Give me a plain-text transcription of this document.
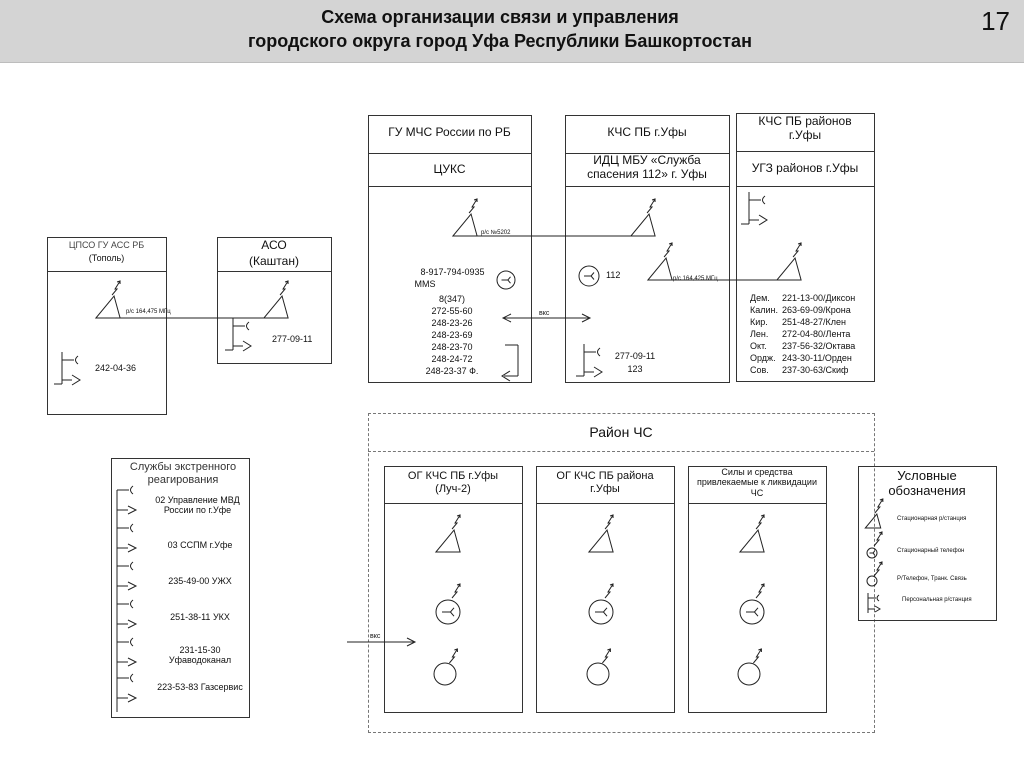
Схема организации связи и управления
городского округа город Уфа Республики Башкортостан
17
ЦПСО ГУ АСС РБ
(Тополь)
АСО
(Каштан)
ГУ МЧС России по РБ
ЦУКС
КЧС ПБ г.Уфы
ИДЦ МБУ «Служба спасения 112» г. Уфы
КЧС ПБ районов г.Уфы
УГЗ районов г.Уфы
Район ЧС
ОГ КЧС ПБ г.Уфы (Луч-2)
ОГ КЧС ПБ района г.Уфы
Силы и средства привлекаемые к ликвидации ЧС
Службы экстренного реагирования	Условные обозначения
р/с 164,475 МГц
242-04-36
277-09-11
р/с №5202
8-917-794-0935
MMS
8(347)
272-55-60
248-23-26
248-23-69
248-23-70
248-24-72
248-23-37 Ф.
вкс
112	р/с 164,425 МГц
277-09-11
123
Дем. 221-13-00/Диксон
Калин. 263-69-09/Крона
Кир. 251-48-27/Клен
Лен. 272-04-80/Лента
Окт. 237-56-32/Октава
Ордж. 243-30-11/Орден
Сов. 237-30-63/Скиф
вкс
02 Управление МВД России по г.Уфе
03 ССПМ г.Уфе
235-49-00 УЖХ
251-38-11 УКХ
231-15-30 Уфаводоканал
223-53-83 Газсервис
Стационарная р/станция
Стационарный телефон
Р/Телефон, Транк. Связь
Персональная р/станция
